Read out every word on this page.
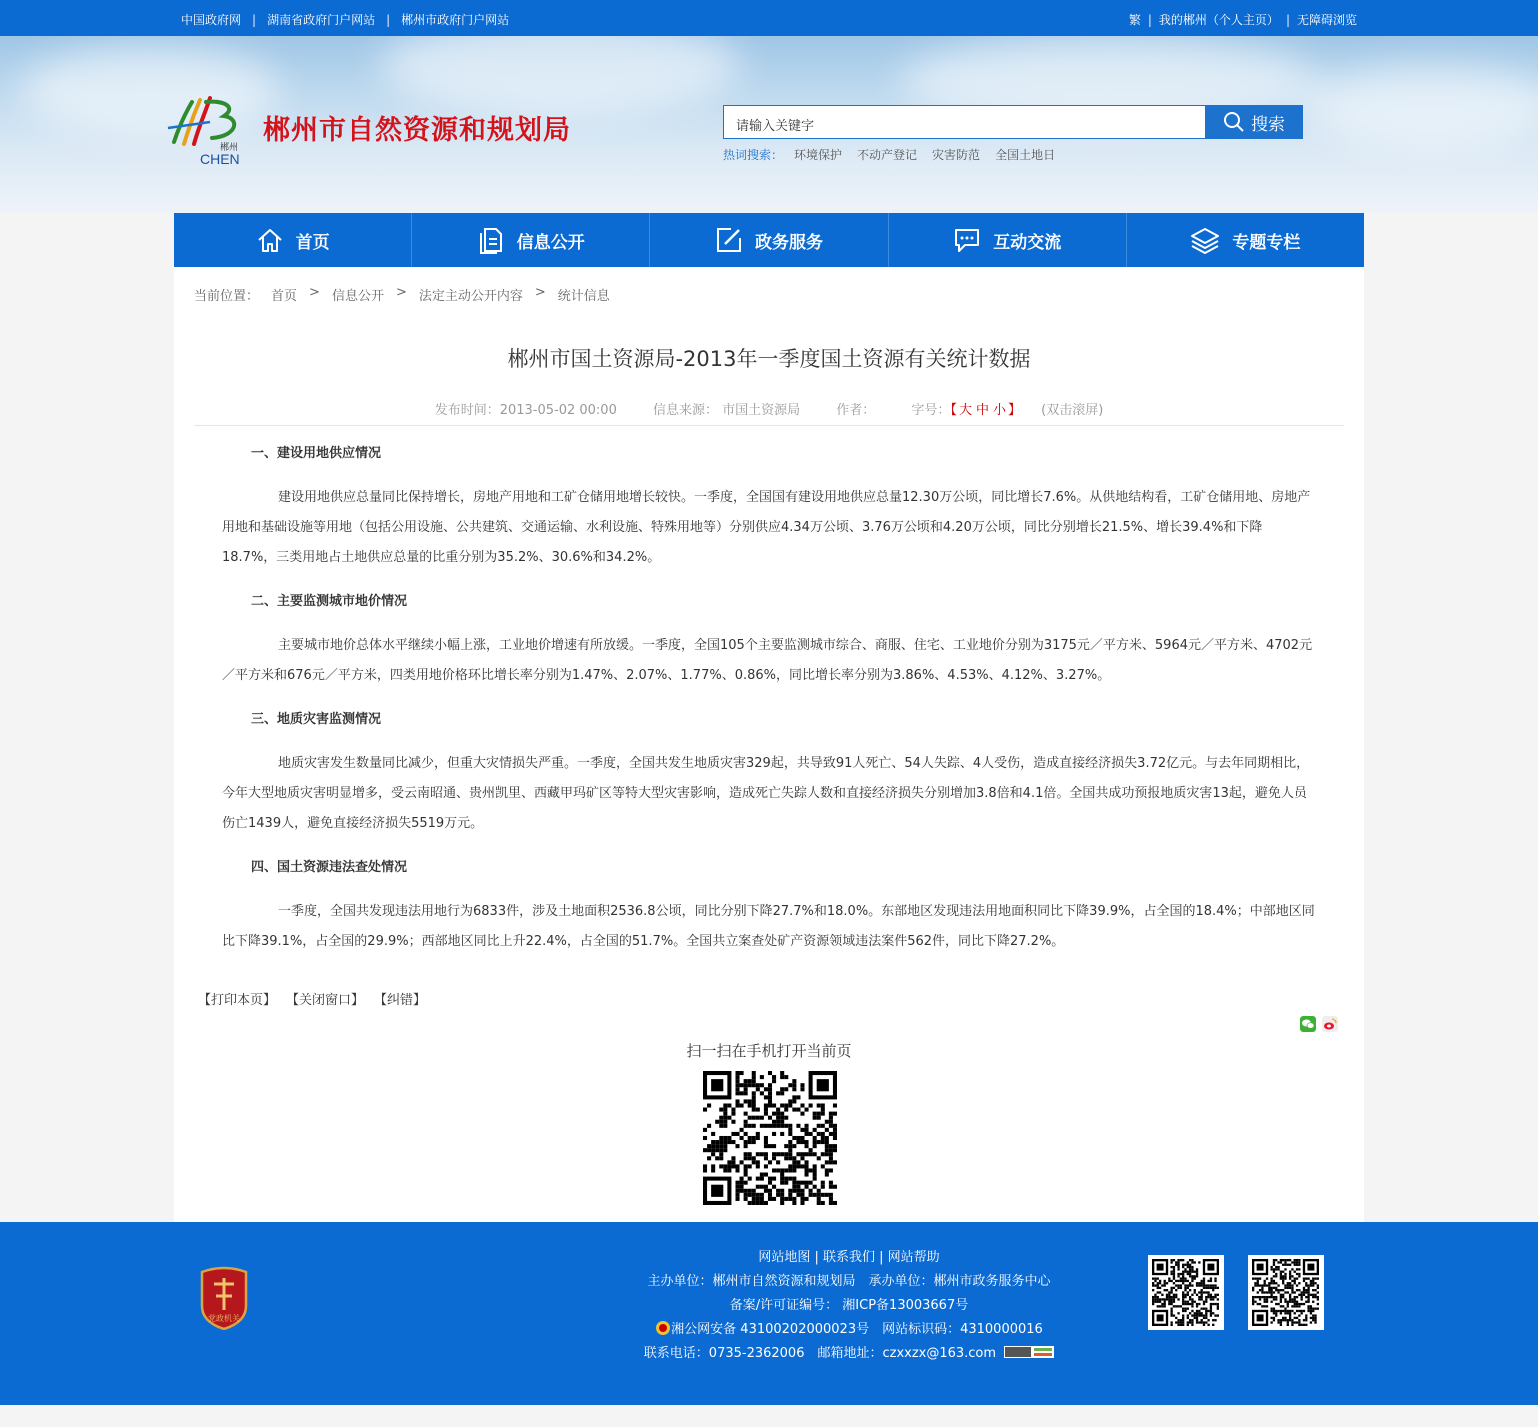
中国政府网 | 湖南省政府门户网站 | 郴州市政府门户网站	繁 | 我的郴州（个人主页） | 无障碍浏览
郴州
CHEN
郴州市自然资源和规划局	请输入关键字	搜索
热词搜索： 环境保护 不动产登记 灾害防范 全国土地日
首页	信息公开	政务服务	互动交流	专题专栏
当前位置： 首页 > 信息公开 > 法定主动公开内容 > 统计信息
郴州市国土资源局-2013年一季度国土资源有关统计数据
发布时间：2013-05-02 00:00	信息来源： 市国土资源局	作者：	字号：【 大 中 小 】 (双击滚屏)
一、建设用地供应情况

建设用地供应总量同比保持增长，房地产用地和工矿仓储用地增长较快。一季度，全国国有建设用地供应总量12.30万公顷，同比增长7.6%。从供地结构看，工矿仓储用地、房地产用地和基础设施等用地（包括公用设施、公共建筑、交通运输、水利设施、特殊用地等）分别供应4.34万公顷、3.76万公顷和4.20万公顷，同比分别增长21.5%、增长39.4%和下降18.7%，三类用地占土地供应总量的比重分别为35.2%、30.6%和34.2%。

二、主要监测城市地价情况

主要城市地价总体水平继续小幅上涨，工业地价增速有所放缓。一季度，全国105个主要监测城市综合、商服、住宅、工业地价分别为3175元／平方米、5964元／平方米、4702元／平方米和676元／平方米，四类用地价格环比增长率分别为1.47%、2.07%、1.77%、0.86%，同比增长率分别为3.86%、4.53%、4.12%、3.27%。

三、地质灾害监测情况

地质灾害发生数量同比减少，但重大灾情损失严重。一季度，全国共发生地质灾害329起，共导致91人死亡、54人失踪、4人受伤，造成直接经济损失3.72亿元。与去年同期相比，今年大型地质灾害明显增多，受云南昭通、贵州凯里、西藏甲玛矿区等特大型灾害影响，造成死亡失踪人数和直接经济损失分别增加3.8倍和4.1倍。全国共成功预报地质灾害13起，避免人员伤亡1439人，避免直接经济损失5519万元。

四、国土资源违法查处情况

一季度，全国共发现违法用地行为6833件，涉及土地面积2536.8公顷，同比分别下降27.7%和18.0%。东部地区发现违法用地面积同比下降39.9%，占全国的18.4%；中部地区同比下降39.1%，占全国的29.9%；西部地区同比上升22.4%，占全国的51.7%。全国共立案查处矿产资源领域违法案件562件，同比下降27.2%。

【打印本页】 【关闭窗口】 【纠错】
扫一扫在手机打开当前页
党政机关
网站地图 | 联系我们 | 网站帮助
主办单位：郴州市自然资源和规划局　承办单位：郴州市政务服务中心
备案/许可证编号： 湘ICP备13003667号
湘公网安备 43100202000023号　网站标识码：4310000016
联系电话：0735-2362006　邮箱地址：czxxzx@163.com
